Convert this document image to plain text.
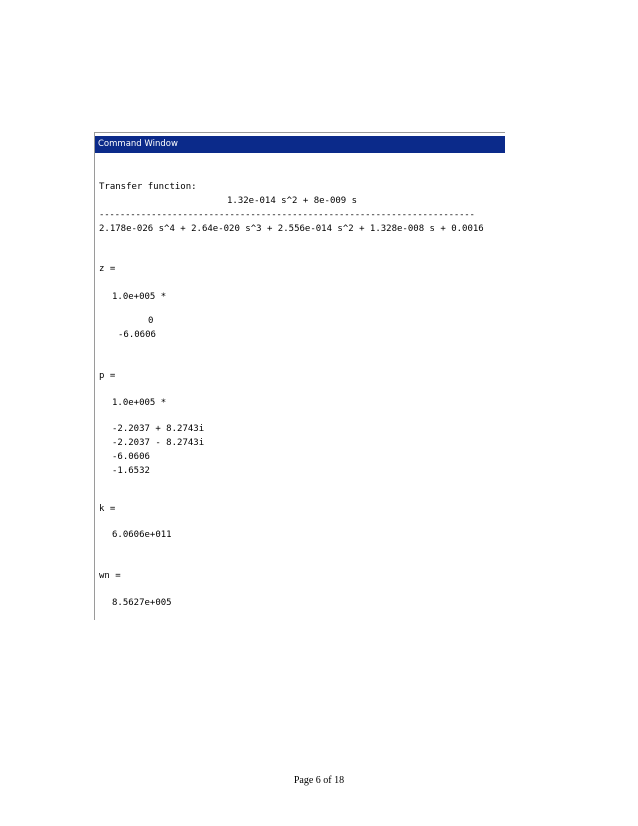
Command Window
Transfer function:
1.32e-014 s^2 + 8e-009 s
------------------------------------------------------------------------
2.178e-026 s^4 + 2.64e-020 s^3 + 2.556e-014 s^2 + 1.328e-008 s + 0.0016
z =
1.0e+005 *
0
-6.0606
p =
1.0e+005 *
-2.2037 + 8.2743i
-2.2037 - 8.2743i
-6.0606
-1.6532
k =
6.0606e+011
wn =
8.5627e+005
Page 6 of 18
